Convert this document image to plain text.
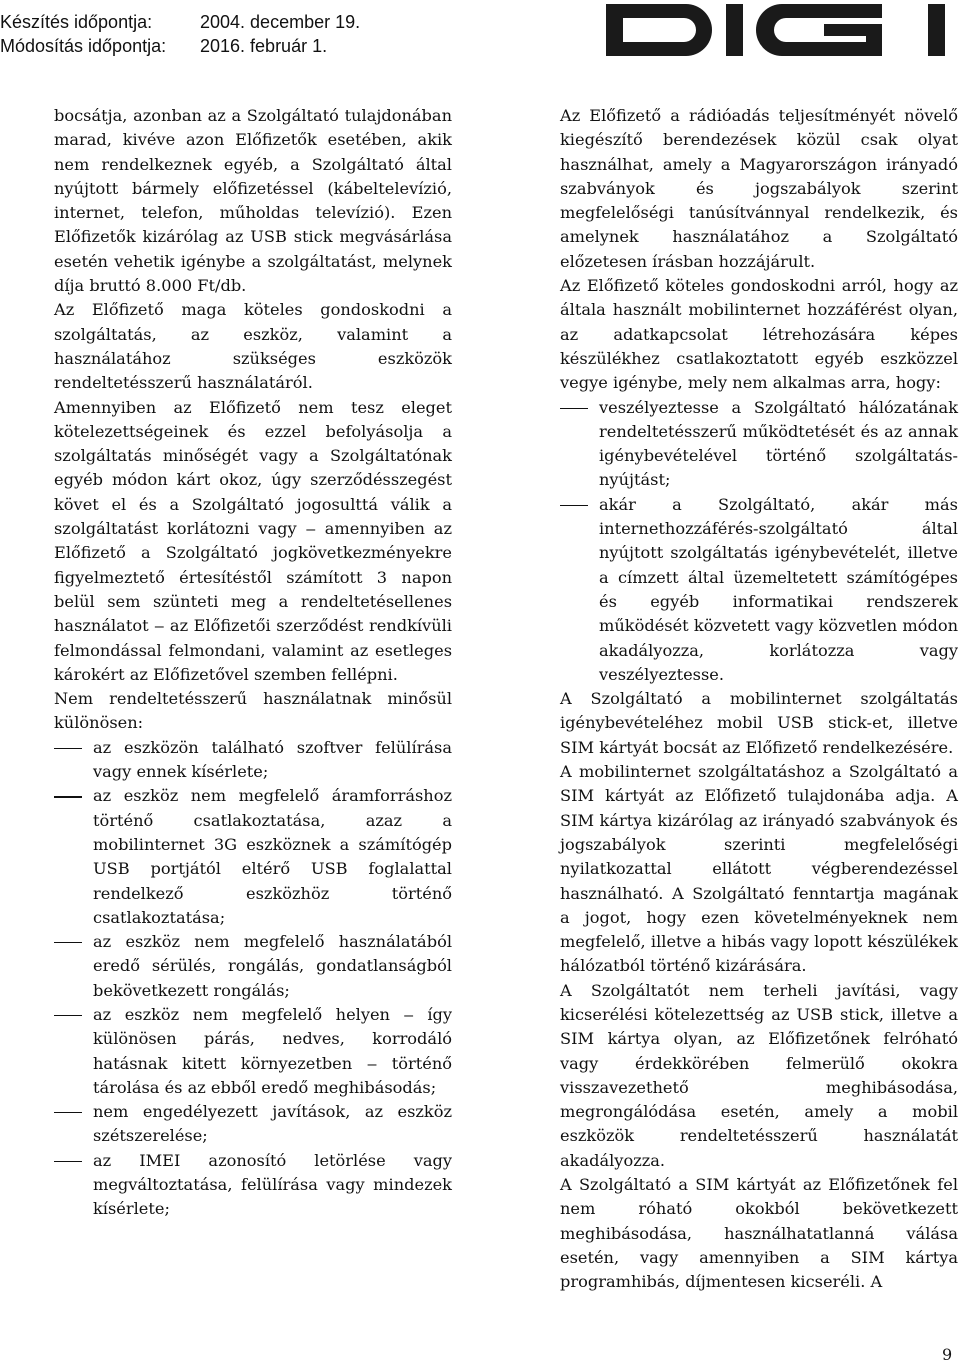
Készítés időpontja:	2004. december 19.
Módosítás időpontja:	2016. február 1.

bocsátja, azonban az a Szolgáltató tulajdonában marad, kivéve azon Előfizetők esetében, akik nem rendelkeznek egyéb, a Szolgáltató által nyújtott bármely előfizetéssel (kábeltelevízió, internet, telefon, műholdas televízió). Ezen Előfizetők kizárólag az USB stick megvásárlása esetén vehetik igénybe a szolgáltatást, melynek díja bruttó 8.000 Ft/db.

Az Előfizető maga köteles gondoskodni a szolgáltatás, az eszköz, valamint a használatához szükséges eszközök rendeltetésszerű használatáról.

Amennyiben az Előfizető nem tesz eleget kötelezettségeinek és ezzel befolyásolja a szolgáltatás minőségét vagy a Szolgáltatónak egyéb módon kárt okoz, úgy szerződésszegést követ el és a Szolgáltató jogosulttá válik a szolgáltatást korlátozni vagy ‒ amennyiben az Előfizető a Szolgáltató jogkövetkezményekre figyelmeztető értesítéstől számított 3 napon belül sem szünteti meg a rendeltetésellenes használatot ‒ az Előfizetői szerződést rendkívüli felmondással felmondani, valamint az esetleges károkért az Előfizetővel szemben fellépni.

Nem rendeltetésszerű használatnak minősül különösen:

az eszközön található szoftver felülírása vagy ennek kísérlete;
az eszköz nem megfelelő áramforráshoz történő csatlakoztatása, azaz a mobilinternet 3G eszköznek a számítógép USB portjától eltérő USB foglalattal rendelkező eszközhöz történő csatlakoztatása;
az eszköz nem megfelelő használatából eredő sérülés, rongálás, gondatlanságból bekövetkezett rongálás;
az eszköz nem megfelelő helyen ‒ így különösen párás, nedves, korrodáló hatásnak kitett környezetben ‒ történő tárolása és az ebből eredő meghibásodás;
nem engedélyezett javítások, az eszköz szétszerelése;
az IMEI azonosító letörlése vagy megváltoztatása, felülírása vagy mindezek kísérlete;

Az Előfizető a rádióadás teljesítményét növelő kiegészítő berendezések közül csak olyat használhat, amely a Magyarországon irányadó szabványok és jogszabályok szerint megfelelőségi tanúsítvánnyal rendelkezik, és amelynek használatához a Szolgáltató előzetesen írásban hozzájárult.

Az Előfizető köteles gondoskodni arról, hogy az általa használt mobilinternet hozzáférést olyan, az adatkapcsolat létrehozására képes készülékhez csatlakoztatott egyéb eszközzel vegye igénybe, mely nem alkalmas arra, hogy:

veszélyeztesse a Szolgáltató hálózatának rendeltetésszerű működtetését és az annak igénybevételével történő szolgáltatás-nyújtást;
akár a Szolgáltató, akár más internethozzáférés-szolgáltató által nyújtott szolgáltatás igénybevételét, illetve a címzett által üzemeltetett számítógépes és egyéb informatikai rendszerek működését közvetett vagy közvetlen módon akadályozza, korlátozza vagy veszélyeztesse.

A Szolgáltató a mobilinternet szolgáltatás igénybevételéhez mobil USB stick-et, illetve SIM kártyát bocsát az Előfizető rendelkezésére.

A mobilinternet szolgáltatáshoz a Szolgáltató a SIM kártyát az Előfizető tulajdonába adja. A SIM kártya kizárólag az irányadó szabványok és jogszabályok szerinti megfelelőségi nyilatkozattal ellátott végberendezéssel használható. A Szolgáltató fenntartja magának a jogot, hogy ezen követelményeknek nem megfelelő, illetve a hibás vagy lopott készülékek hálózatból történő kizárására.

A Szolgáltatót nem terheli javítási, vagy kicserélési kötelezettség az USB stick, illetve a SIM kártya olyan, az Előfizetőnek felróható vagy érdekkörében felmerülő okokra visszavezethető meghibásodása, megrongálódása esetén, amely a mobil eszközök rendeltetésszerű használatát akadályozza.

A Szolgáltató a SIM kártyát az Előfizetőnek fel nem róható okokból bekövetkezett meghibásodása, használhatatlanná válása esetén, vagy amennyiben a SIM kártya programhibás, díjmentesen kicseréli. A

9
